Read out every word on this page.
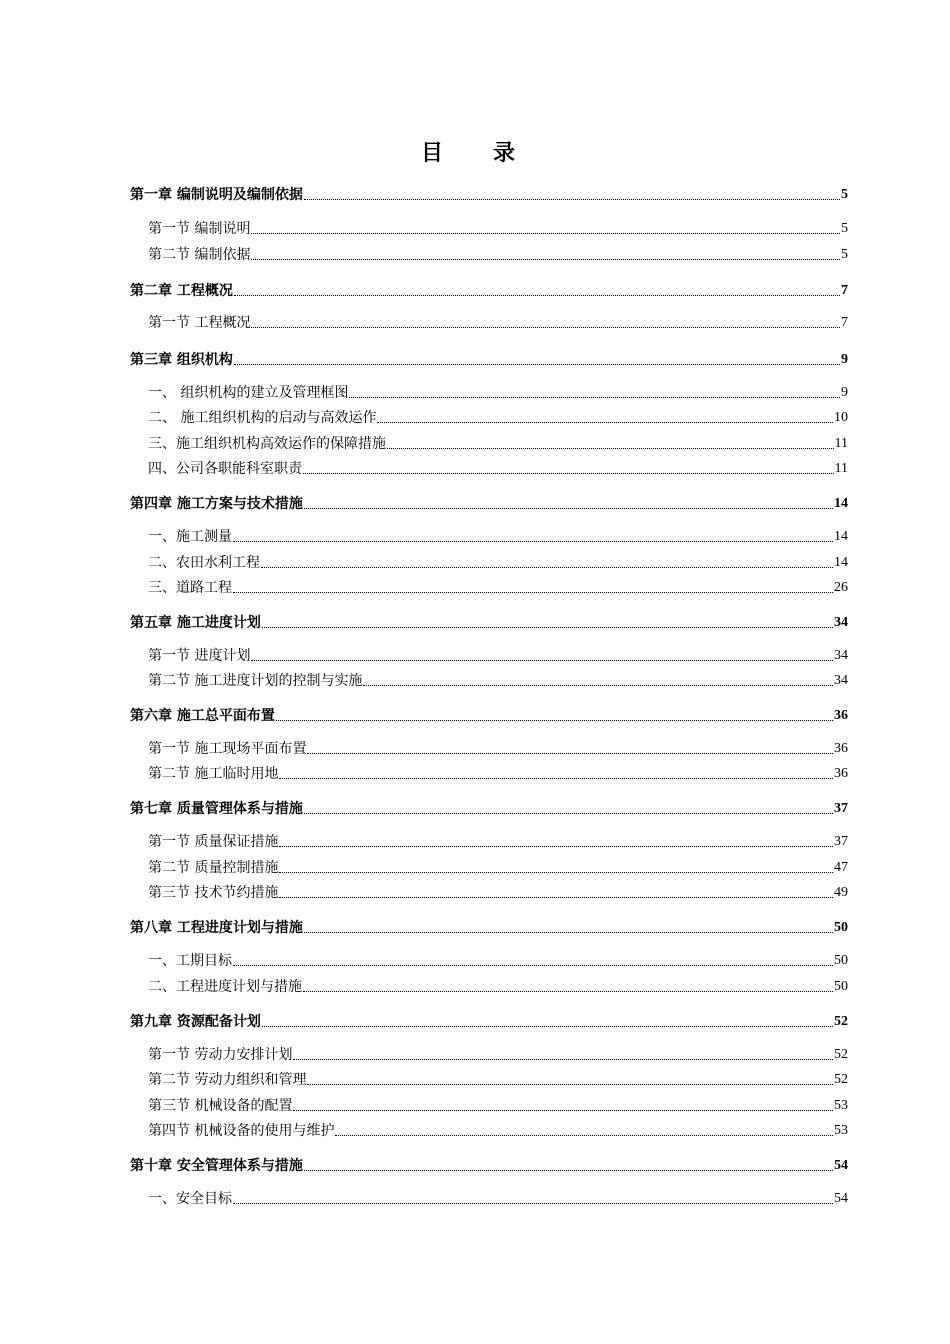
目　录
第一章 编制说明及编制依据	5
第一节 编制说明	5
第二节 编制依据	5
第二章 工程概况	7
第一节 工程概况	7
第三章 组织机构	9
一、 组织机构的建立及管理框图	9
二、 施工组织机构的启动与高效运作	10
三、施工组织机构高效运作的保障措施	11
四、公司各职能科室职责	11
第四章 施工方案与技术措施	14
一、施工测量	14
二、农田水利工程	14
三、道路工程	26
第五章 施工进度计划	34
第一节 进度计划	34
第二节 施工进度计划的控制与实施	34
第六章 施工总平面布置	36
第一节 施工现场平面布置	36
第二节 施工临时用地	36
第七章 质量管理体系与措施	37
第一节 质量保证措施	37
第二节 质量控制措施	47
第三节 技术节约措施	49
第八章 工程进度计划与措施	50
一、工期目标	50
二、工程进度计划与措施	50
第九章 资源配备计划	52
第一节 劳动力安排计划	52
第二节 劳动力组织和管理	52
第三节 机械设备的配置	53
第四节 机械设备的使用与维护	53
第十章 安全管理体系与措施	54
一、安全目标	54
